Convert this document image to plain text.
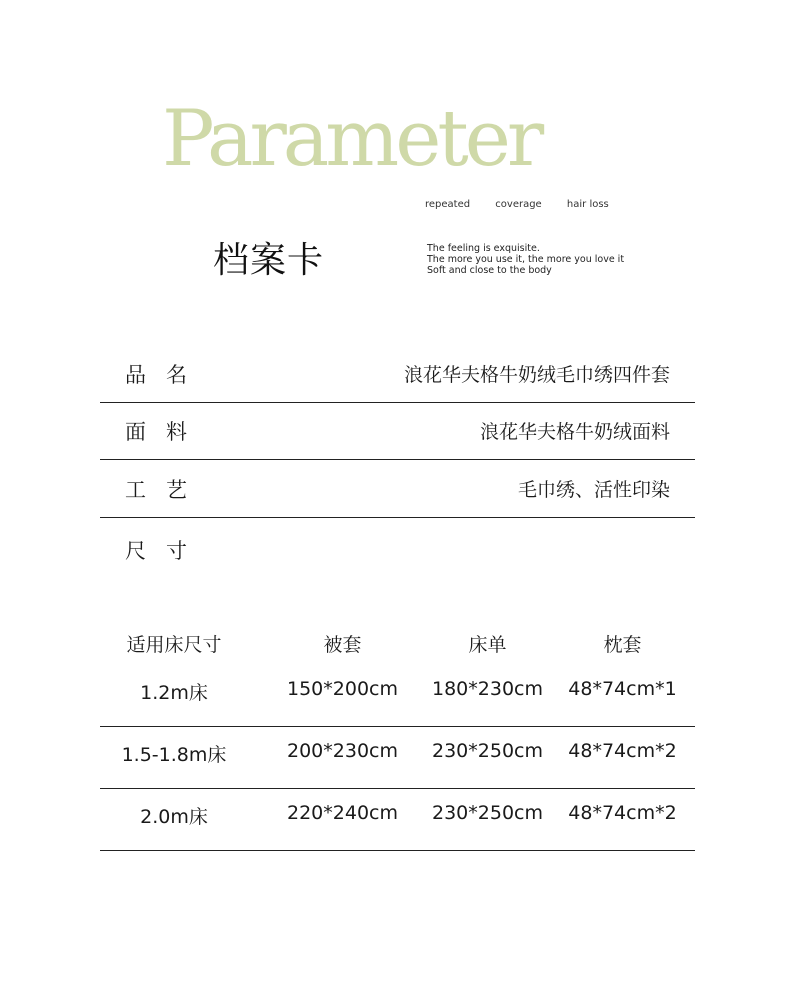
Parameter
repeated	coverage	hair loss
档案卡	The feeling is exquisite.
The more you use it, the more you love it
Soft and close to the body
品名	浪花华夫格牛奶绒毛巾绣四件套
面料	浪花华夫格牛奶绒面料
工艺	毛巾绣、活性印染
尺寸
适用床尺寸	被套	床单	枕套
1.2m床	150*200cm	180*230cm	48*74cm*1
1.5-1.8m床	200*230cm	230*250cm	48*74cm*2
2.0m床	220*240cm	230*250cm	48*74cm*2
